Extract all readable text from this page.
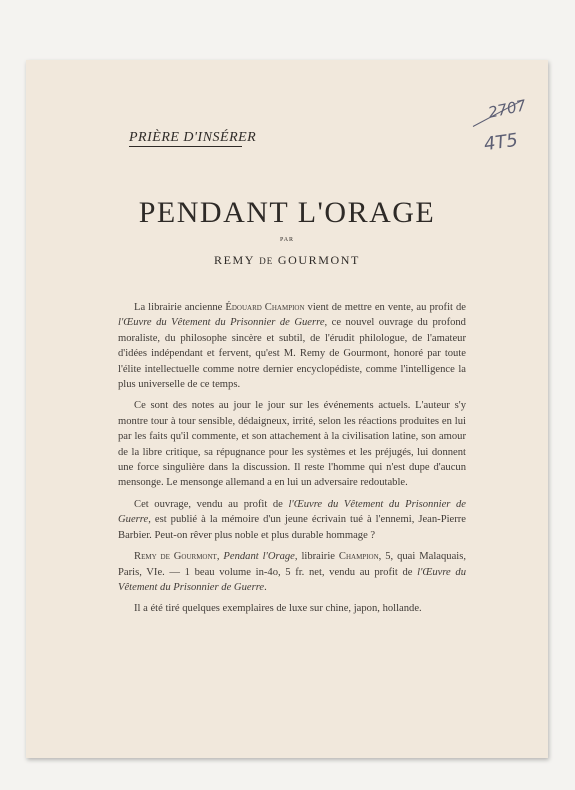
2707
4T5
PRIÈRE D'INSÉRER
PENDANT L'ORAGE
PAR
REMY DE GOURMONT

La librairie ancienne Édouard Champion vient de mettre en vente, au profit de l'Œuvre du Vêtement du Prisonnier de Guerre, ce nouvel ouvrage du profond moraliste, du philosophe sincère et subtil, de l'érudit philologue, de l'amateur d'idées indépendant et fervent, qu'est M. Remy de Gourmont, honoré par toute l'élite intellectuelle comme notre dernier encyclopédiste, comme l'intelligence la plus universelle de ce temps.

Ce sont des notes au jour le jour sur les événements actuels. L'auteur s'y montre tour à tour sensible, dédaigneux, irrité, selon les réactions produites en lui par les faits qu'il commente, et son attachement à la civilisation latine, son amour de la libre critique, sa répugnance pour les systèmes et les préjugés, lui donnent une force singulière dans la discussion. Il reste l'homme qui n'est dupe d'aucun mensonge. Le mensonge allemand a en lui un adversaire redoutable.

Cet ouvrage, vendu au profit de l'Œuvre du Vêtement du Prisonnier de Guerre, est publié à la mémoire d'un jeune écrivain tué à l'ennemi, Jean-Pierre Barbier. Peut-on rêver plus noble et plus durable hommage ?

Remy de Gourmont, Pendant l'Orage, librairie Champion, 5, quai Malaquais, Paris, VIe. — 1 beau volume in-4o, 5 fr. net, vendu au profit de l'Œuvre du Vêtement du Prisonnier de Guerre.

Il a été tiré quelques exemplaires de luxe sur chine, japon, hollande.
